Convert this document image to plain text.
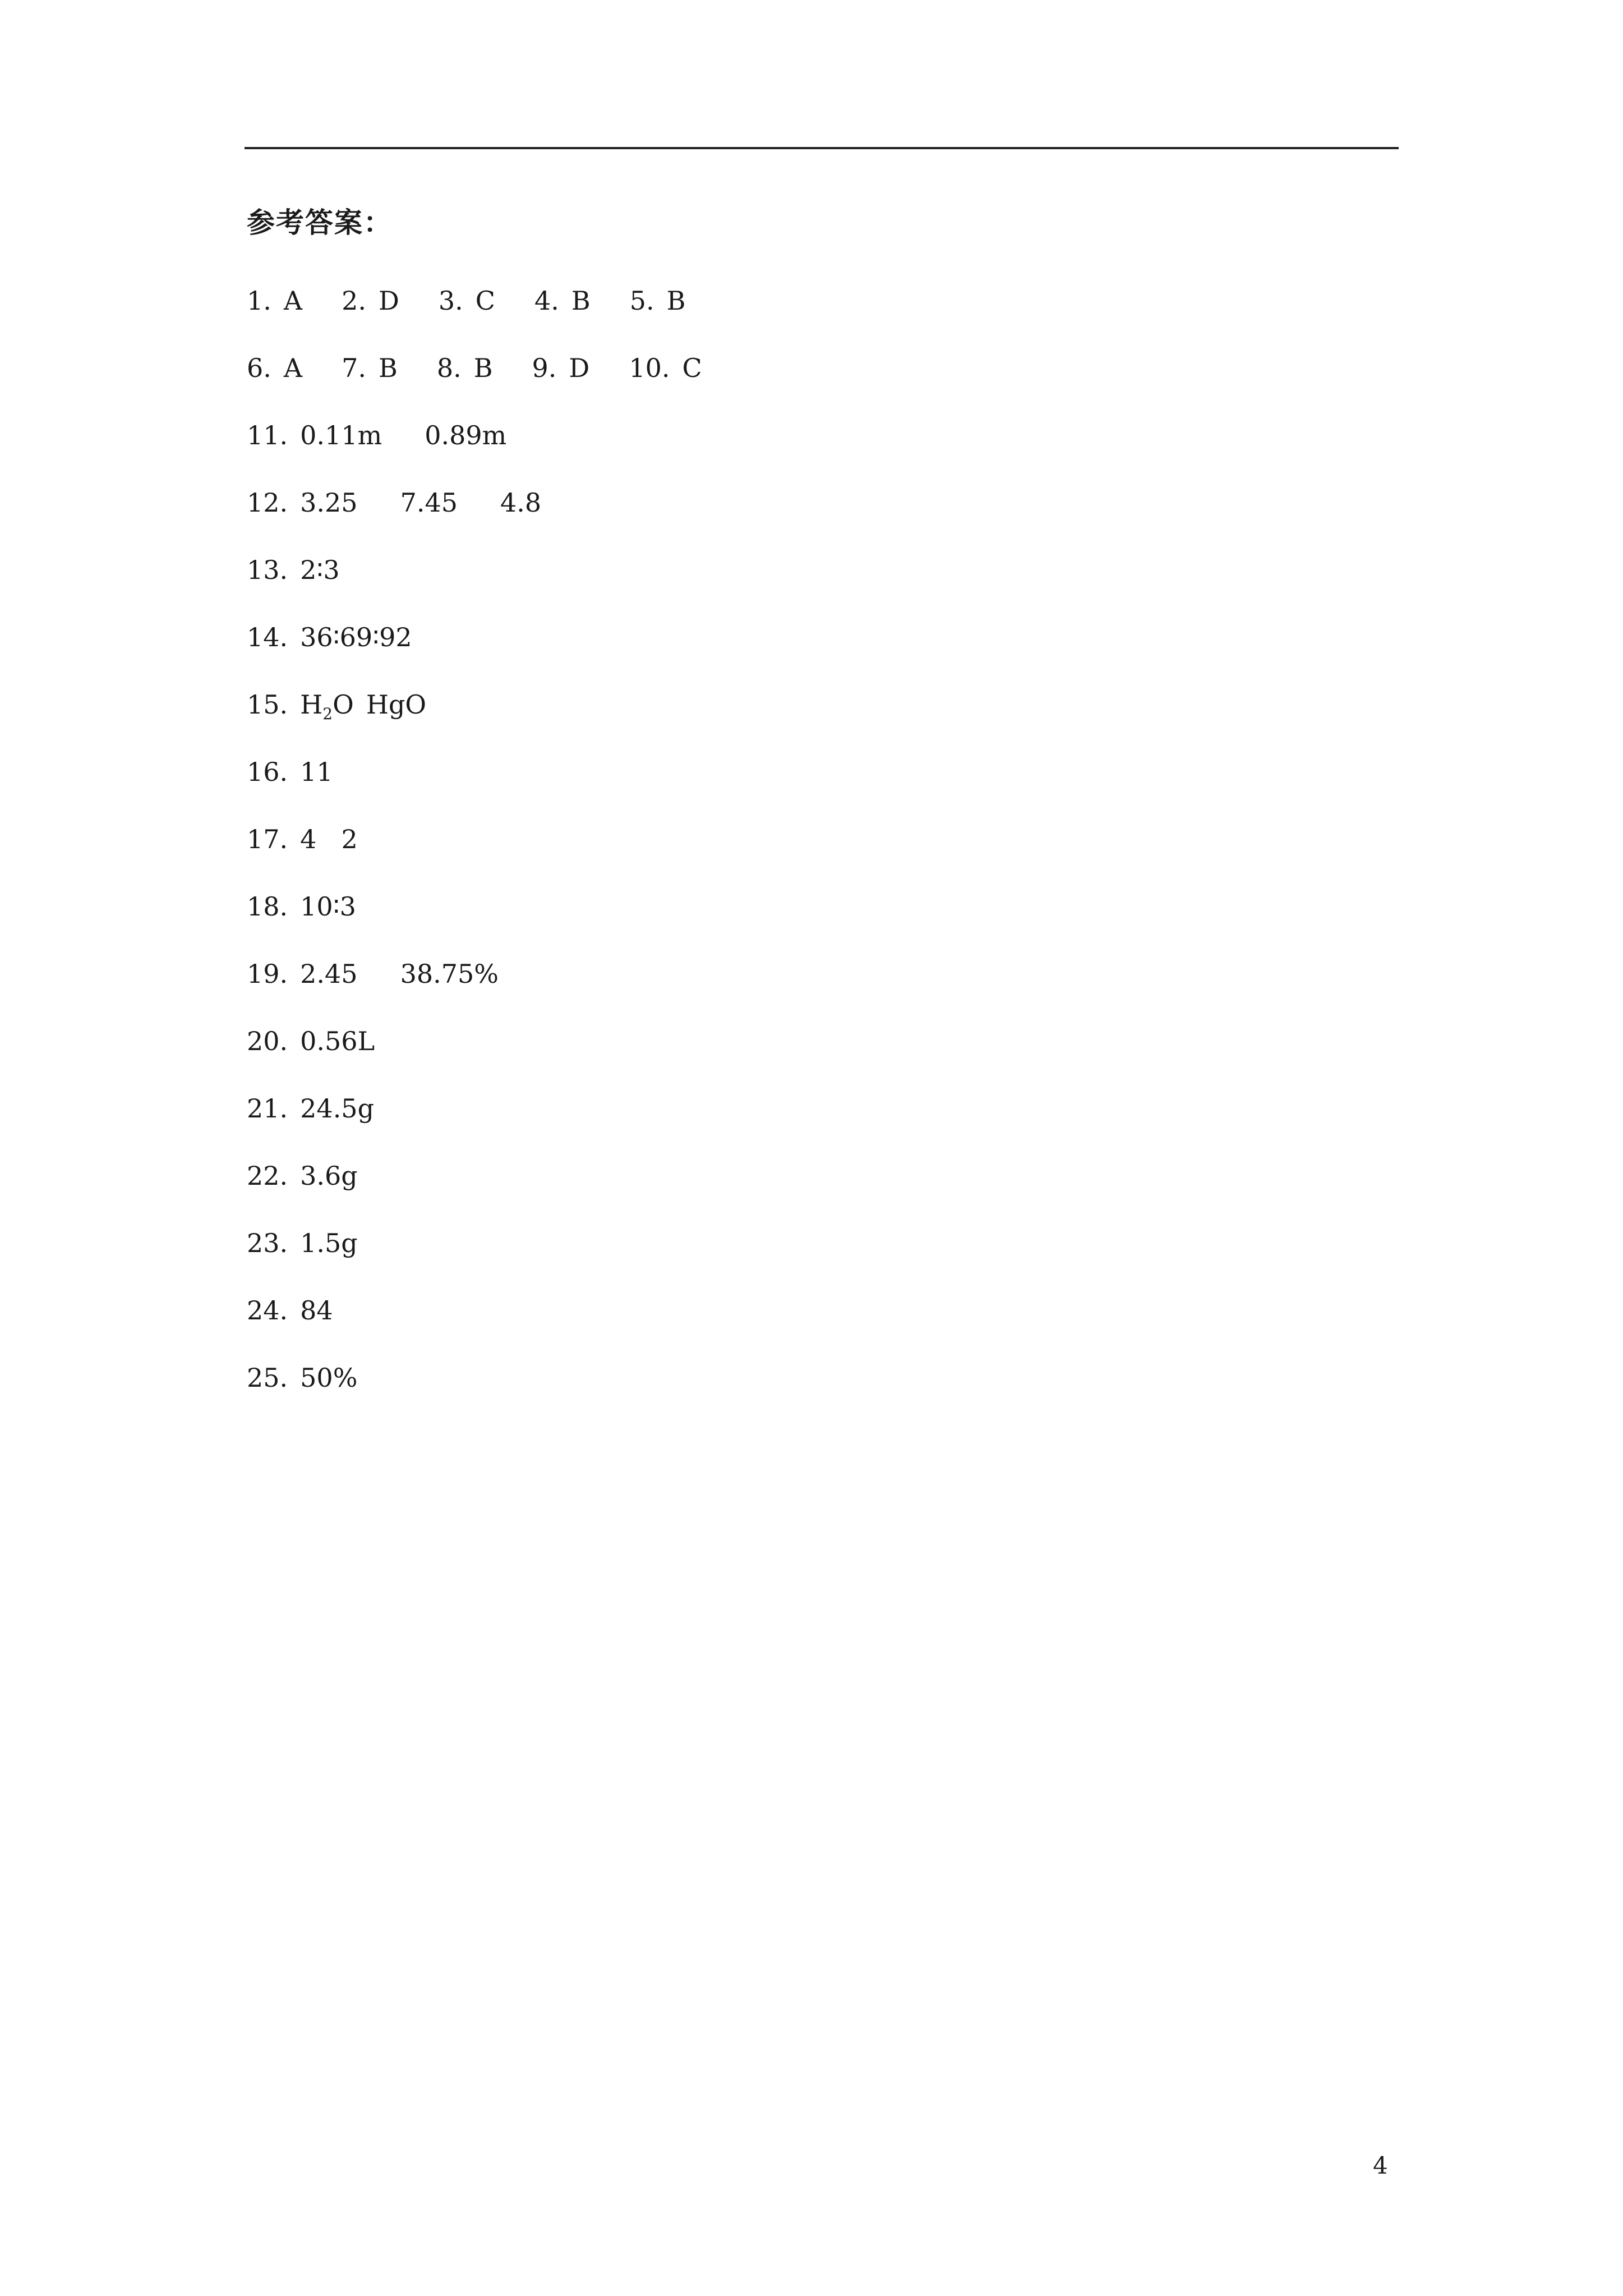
参考答案：
1. A 2. D 3. C 4. B 5. B
6. A 7. B 8. B 9. D 10. C
11. 0.11m 0.89m
12. 3.25 7.45 4.8
13. 2∶3
14. 36∶69∶92
15. $H_2O$ HgO
16. 11
17. 4 2
18. 10∶3
19. 2.45 38.75%
20. 0.56L
21. 24.5g
22. 3.6g
23. 1.5g
24. 84
25. 50%
4
